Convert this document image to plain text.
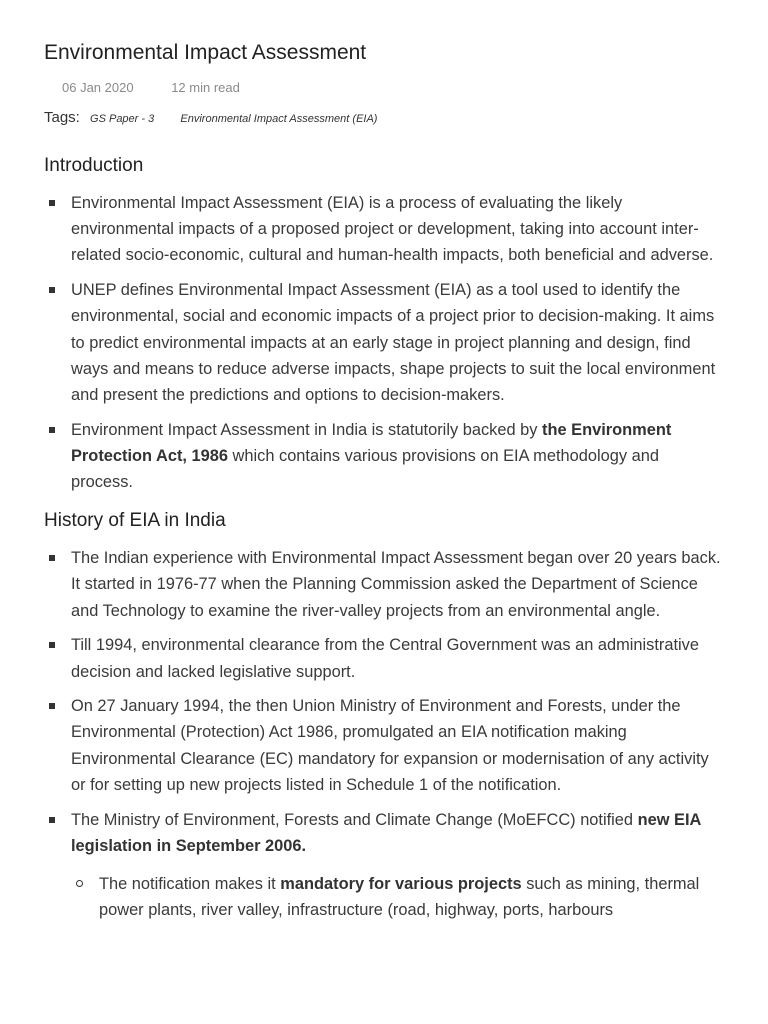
Environmental Impact Assessment
06 Jan 2020	12 min read
Tags: GS Paper - 3 Environmental Impact Assessment (EIA)
Introduction
Environmental Impact Assessment (EIA) is a process of evaluating the likely environmental impacts of a proposed project or development, taking into account inter-related socio-economic, cultural and human-health impacts, both beneficial and adverse.
UNEP defines Environmental Impact Assessment (EIA) as a tool used to identify the environmental, social and economic impacts of a project prior to decision-making. It aims to predict environmental impacts at an early stage in project planning and design, find ways and means to reduce adverse impacts, shape projects to suit the local environment and present the predictions and options to decision-makers.
Environment Impact Assessment in India is statutorily backed by the Environment Protection Act, 1986 which contains various provisions on EIA methodology and process.
History of EIA in India
The Indian experience with Environmental Impact Assessment began over 20 years back. It started in 1976-77 when the Planning Commission asked the Department of Science and Technology to examine the river-valley projects from an environmental angle.
Till 1994, environmental clearance from the Central Government was an administrative decision and lacked legislative support.
On 27 January 1994, the then Union Ministry of Environment and Forests, under the Environmental (Protection) Act 1986, promulgated an EIA notification making Environmental Clearance (EC) mandatory for expansion or modernisation of any activity or for setting up new projects listed in Schedule 1 of the notification.
The Ministry of Environment, Forests and Climate Change (MoEFCC) notified new EIA legislation in September 2006.
The notification makes it mandatory for various projects such as mining, thermal power plants, river valley, infrastructure (road, highway, ports, harbours
